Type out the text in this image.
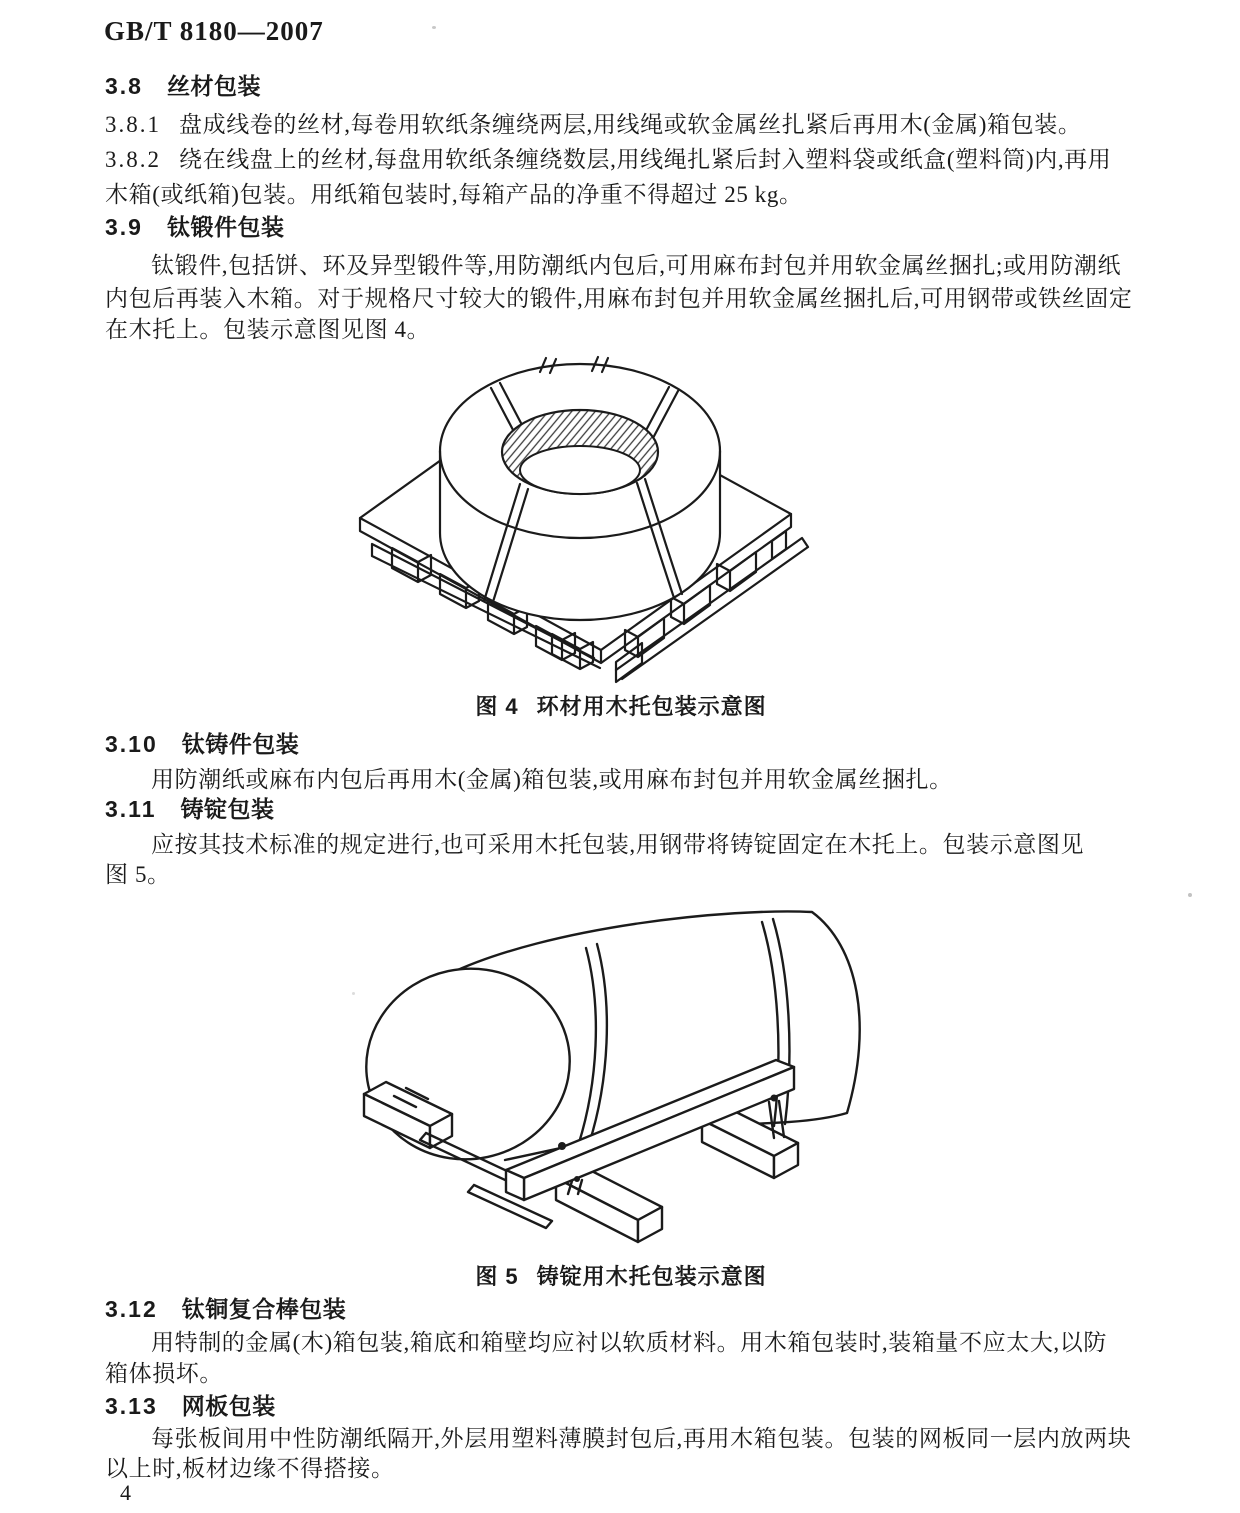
GB/T 8180—2007
3.8 丝材包装
3.8.1 盘成线卷的丝材,每卷用软纸条缠绕两层,用线绳或软金属丝扎紧后再用木(金属)箱包装。
3.8.2 绕在线盘上的丝材,每盘用软纸条缠绕数层,用线绳扎紧后封入塑料袋或纸盒(塑料筒)内,再用
木箱(或纸箱)包装。用纸箱包装时,每箱产品的净重不得超过 25 kg。
3.9 钛锻件包装
钛锻件,包括饼、环及异型锻件等,用防潮纸内包后,可用麻布封包并用软金属丝捆扎;或用防潮纸
内包后再装入木箱。对于规格尺寸较大的锻件,用麻布封包并用软金属丝捆扎后,可用钢带或铁丝固定
在木托上。包装示意图见图 4。
图 4 环材用木托包装示意图
3.10 钛铸件包装
用防潮纸或麻布内包后再用木(金属)箱包装,或用麻布封包并用软金属丝捆扎。
3.11 铸锭包装
应按其技术标准的规定进行,也可采用木托包装,用钢带将铸锭固定在木托上。包装示意图见
图 5。
图 5 铸锭用木托包装示意图
3.12 钛铜复合棒包装
用特制的金属(木)箱包装,箱底和箱壁均应衬以软质材料。用木箱包装时,装箱量不应太大,以防
箱体损坏。
3.13 网板包装
每张板间用中性防潮纸隔开,外层用塑料薄膜封包后,再用木箱包装。包装的网板同一层内放两块
以上时,板材边缘不得搭接。
4
